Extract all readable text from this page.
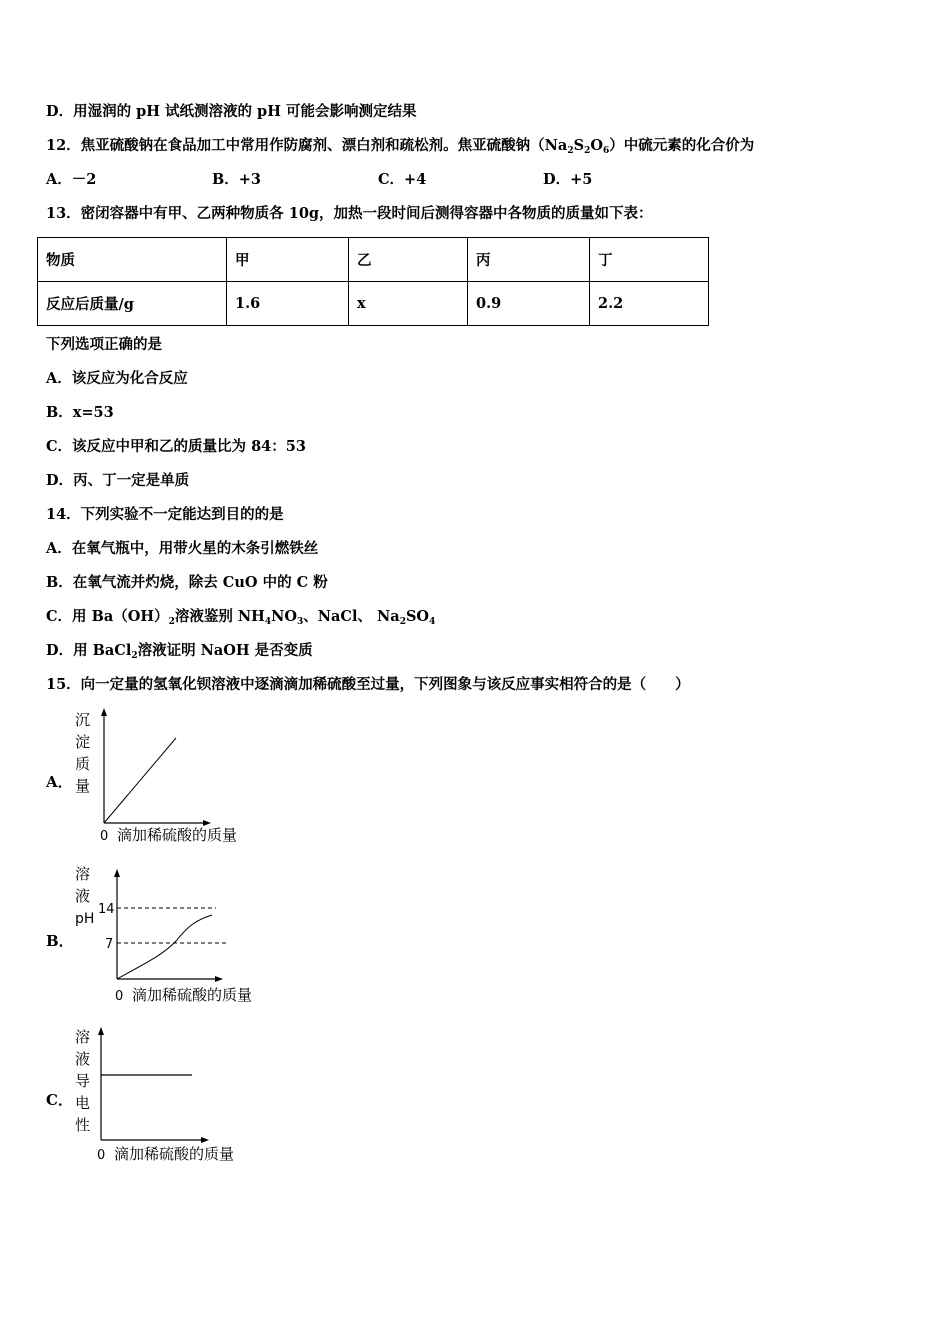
D．用湿润的 pH 试纸测溶液的 pH 可能会影响测定结果
12．焦亚硫酸钠在食品加工中常用作防腐剂、漂白剂和疏松剂。焦亚硫酸钠$(Na_2S_2O_6)$中硫元素的化合价为
A．－2	B．+3	C．+4	D．+5
13．密闭容器中有甲、乙两种物质各 10g，加热一段时间后测得容器中各物质的质量如下表：
物质	甲	乙	丙	丁
反应后质量/g	1.6	x	0.9	2.2
下列选项正确的是
A．该反应为化合反应
B．x=53
C．该反应中甲和乙的质量比为 84：53
D．丙、丁一定是单质
14．下列实验不一定能达到目的的是
A．在氧气瓶中，用带火星的木条引燃铁丝
B．在氧气流并灼烧，除去 CuO 中的 C 粉
C．用 $Ba(OH)_2$溶液鉴别 $NH_4NO_3$、NaCl、 $Na_2SO_4$
D．用 BaCl$_2$溶液证明 NaOH 是否变质
15．向一定量的氢氧化钡溶液中逐滴滴加稀硫酸至过量，下列图象与该反应事实相符合的是（　　）
A．
沉
淀
质
量
0 滴加稀硫酸的质量
B．
溶
液
pH
14
7
0 滴加稀硫酸的质量
C．
溶
液
导
电
性
0 滴加稀硫酸的质量
